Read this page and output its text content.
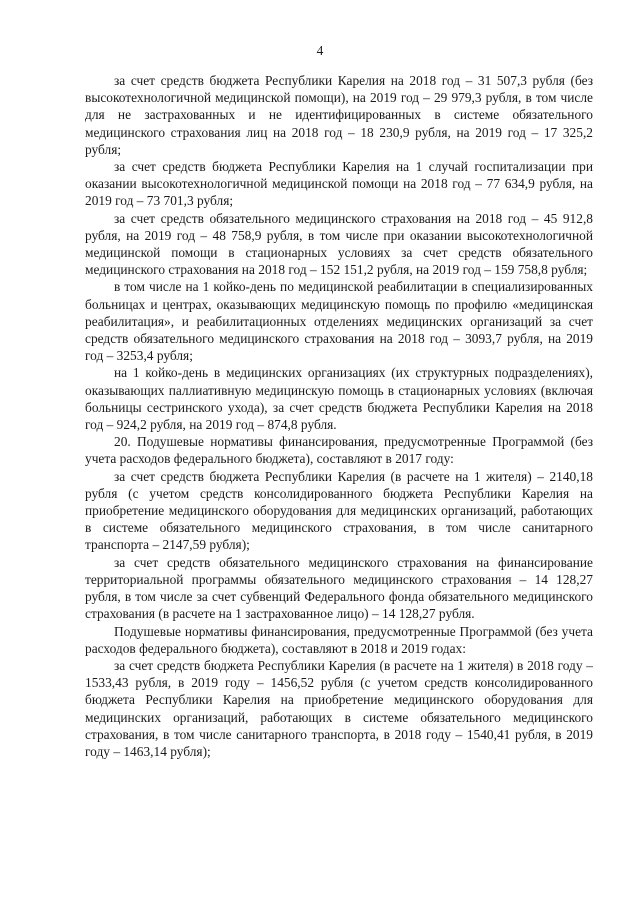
4

за счет средств бюджета Республики Карелия на 2018 год – 31 507,3 рубля (без высокотехнологичной медицинской помощи), на 2019 год – 29 979,3 рубля, в том числе для не застрахованных и не идентифицированных в системе обязательного медицинского страхования лиц на 2018 год – 18 230,9 рубля, на 2019 год – 17 325,2 рубля;

за счет средств бюджета Республики Карелия на 1 случай госпитализации при оказании высокотехнологичной медицинской помощи на 2018 год – 77 634,9 рубля, на 2019 год – 73 701,3 рубля;

за счет средств обязательного медицинского страхования на 2018 год – 45 912,8 рубля, на 2019 год – 48 758,9 рубля, в том числе при оказании высокотехнологичной медицинской помощи в стационарных условиях за счет средств обязательного медицинского страхования на 2018 год – 152 151,2 рубля, на 2019 год – 159 758,8 рубля;

в том числе на 1 койко-день по медицинской реабилитации в специализированных больницах и центрах, оказывающих медицинскую помощь по профилю «медицинская реабилитация», и реабилитационных отделениях медицинских организаций за счет средств обязательного медицинского страхования на 2018 год – 3093,7 рубля, на 2019 год – 3253,4 рубля;

на 1 койко-день в медицинских организациях (их структурных подразделениях), оказывающих паллиативную медицинскую помощь в стационарных условиях (включая больницы сестринского ухода), за счет средств бюджета Республики Карелия на 2018 год – 924,2 рубля, на 2019 год – 874,8 рубля.

20. Подушевые нормативы финансирования, предусмотренные Программой (без учета расходов федерального бюджета), составляют в 2017 году:

за счет средств бюджета Республики Карелия (в расчете на 1 жителя) – 2140,18 рубля (с учетом средств консолидированного бюджета Республики Карелия на приобретение медицинского оборудования для медицинских организаций, работающих в системе обязательного медицинского страхования, в том числе санитарного транспорта – 2147,59 рубля);

за счет средств обязательного медицинского страхования на финансирование территориальной программы обязательного медицинского страхования – 14 128,27 рубля, в том числе за счет субвенций Федерального фонда обязательного медицинского страхования (в расчете на 1 застрахованное лицо) – 14 128,27 рубля.

Подушевые нормативы финансирования, предусмотренные Программой (без учета расходов федерального бюджета), составляют в 2018 и 2019 годах:

за счет средств бюджета Республики Карелия (в расчете на 1 жителя) в 2018 году – 1533,43 рубля, в 2019 году – 1456,52 рубля (с учетом средств консолидированного бюджета Республики Карелия на приобретение медицинского оборудования для медицинских организаций, работающих в системе обязательного медицинского страхования, в том числе санитарного транспорта, в 2018 году – 1540,41 рубля, в 2019 году – 1463,14 рубля);
